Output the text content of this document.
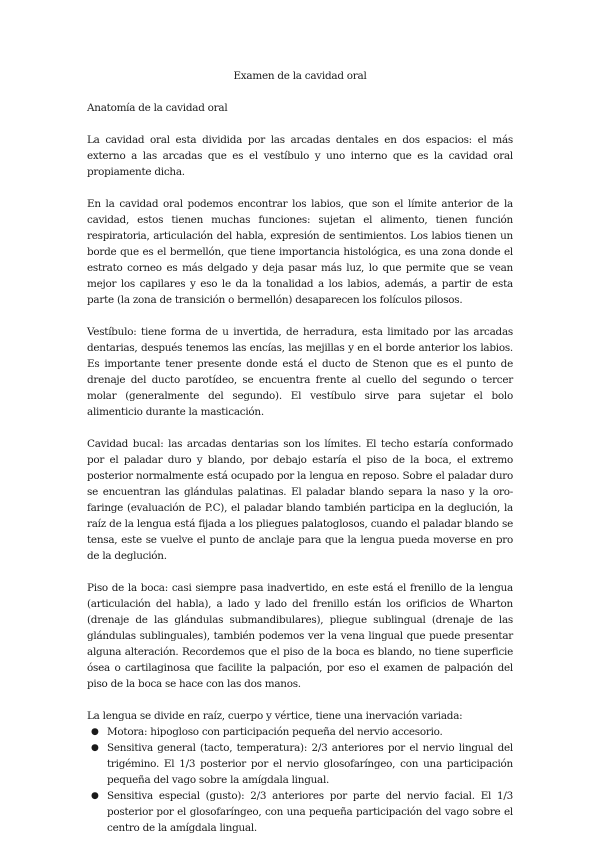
Examen de la cavidad oral
Anatomía de la cavidad oral

La cavidad oral esta dividida por las arcadas dentales en dos espacios: el más externo a las arcadas que es el vestíbulo y uno interno que es la cavidad oral propiamente dicha.

En la cavidad oral podemos encontrar los labios, que son el límite anterior de la cavidad, estos tienen muchas funciones: sujetan el alimento, tienen función respiratoria, articulación del habla, expresión de sentimientos. Los labios tienen un borde que es el bermellón, que tiene importancia histológica, es una zona donde el estrato corneo es más delgado y deja pasar más luz, lo que permite que se vean mejor los capilares y eso le da la tonalidad a los labios, además, a partir de esta parte (la zona de transición o bermellón) desaparecen los folículos pilosos.

Vestíbulo: tiene forma de u invertida, de herradura, esta limitado por las arcadas dentarias, después tenemos las encías, las mejillas y en el borde anterior los labios. Es importante tener presente donde está el ducto de Stenon que es el punto de drenaje del ducto parotídeo, se encuentra frente al cuello del segundo o tercer molar (generalmente del segundo). El vestíbulo sirve para sujetar el bolo alimenticio durante la masticación.

Cavidad bucal: las arcadas dentarias son los límites. El techo estaría conformado por el paladar duro y blando, por debajo estaría el piso de la boca, el extremo posterior normalmente está ocupado por la lengua en reposo. Sobre el paladar duro se encuentran las glándulas palatinas. El paladar blando separa la naso y la oro-faringe (evaluación de P.C), el paladar blando también participa en la deglución, la raíz de la lengua está fijada a los pliegues palatoglosos, cuando el paladar blando se tensa, este se vuelve el punto de anclaje para que la lengua pueda moverse en pro de la deglución.

Piso de la boca: casi siempre pasa inadvertido, en este está el frenillo de la lengua (articulación del habla), a lado y lado del frenillo están los orificios de Wharton (drenaje de las glándulas submandibulares), pliegue sublingual (drenaje de las glándulas sublinguales), también podemos ver la vena lingual que puede presentar alguna alteración. Recordemos que el piso de la boca es blando, no tiene superficie ósea o cartilaginosa que facilite la palpación, por eso el examen de palpación del piso de la boca se hace con las dos manos.

La lengua se divide en raíz, cuerpo y vértice, tiene una inervación variada:

● Motora: hipogloso con participación pequeña del nervio accesorio.
● Sensitiva general (tacto, temperatura): 2/3 anteriores por el nervio lingual del trigémino. El 1/3 posterior por el nervio glosofaríngeo, con una participación pequeña del vago sobre la amígdala lingual.
● Sensitiva especial (gusto): 2/3 anteriores por parte del nervio facial. El 1/3 posterior por el glosofaríngeo, con una pequeña participación del vago sobre el centro de la amígdala lingual.
